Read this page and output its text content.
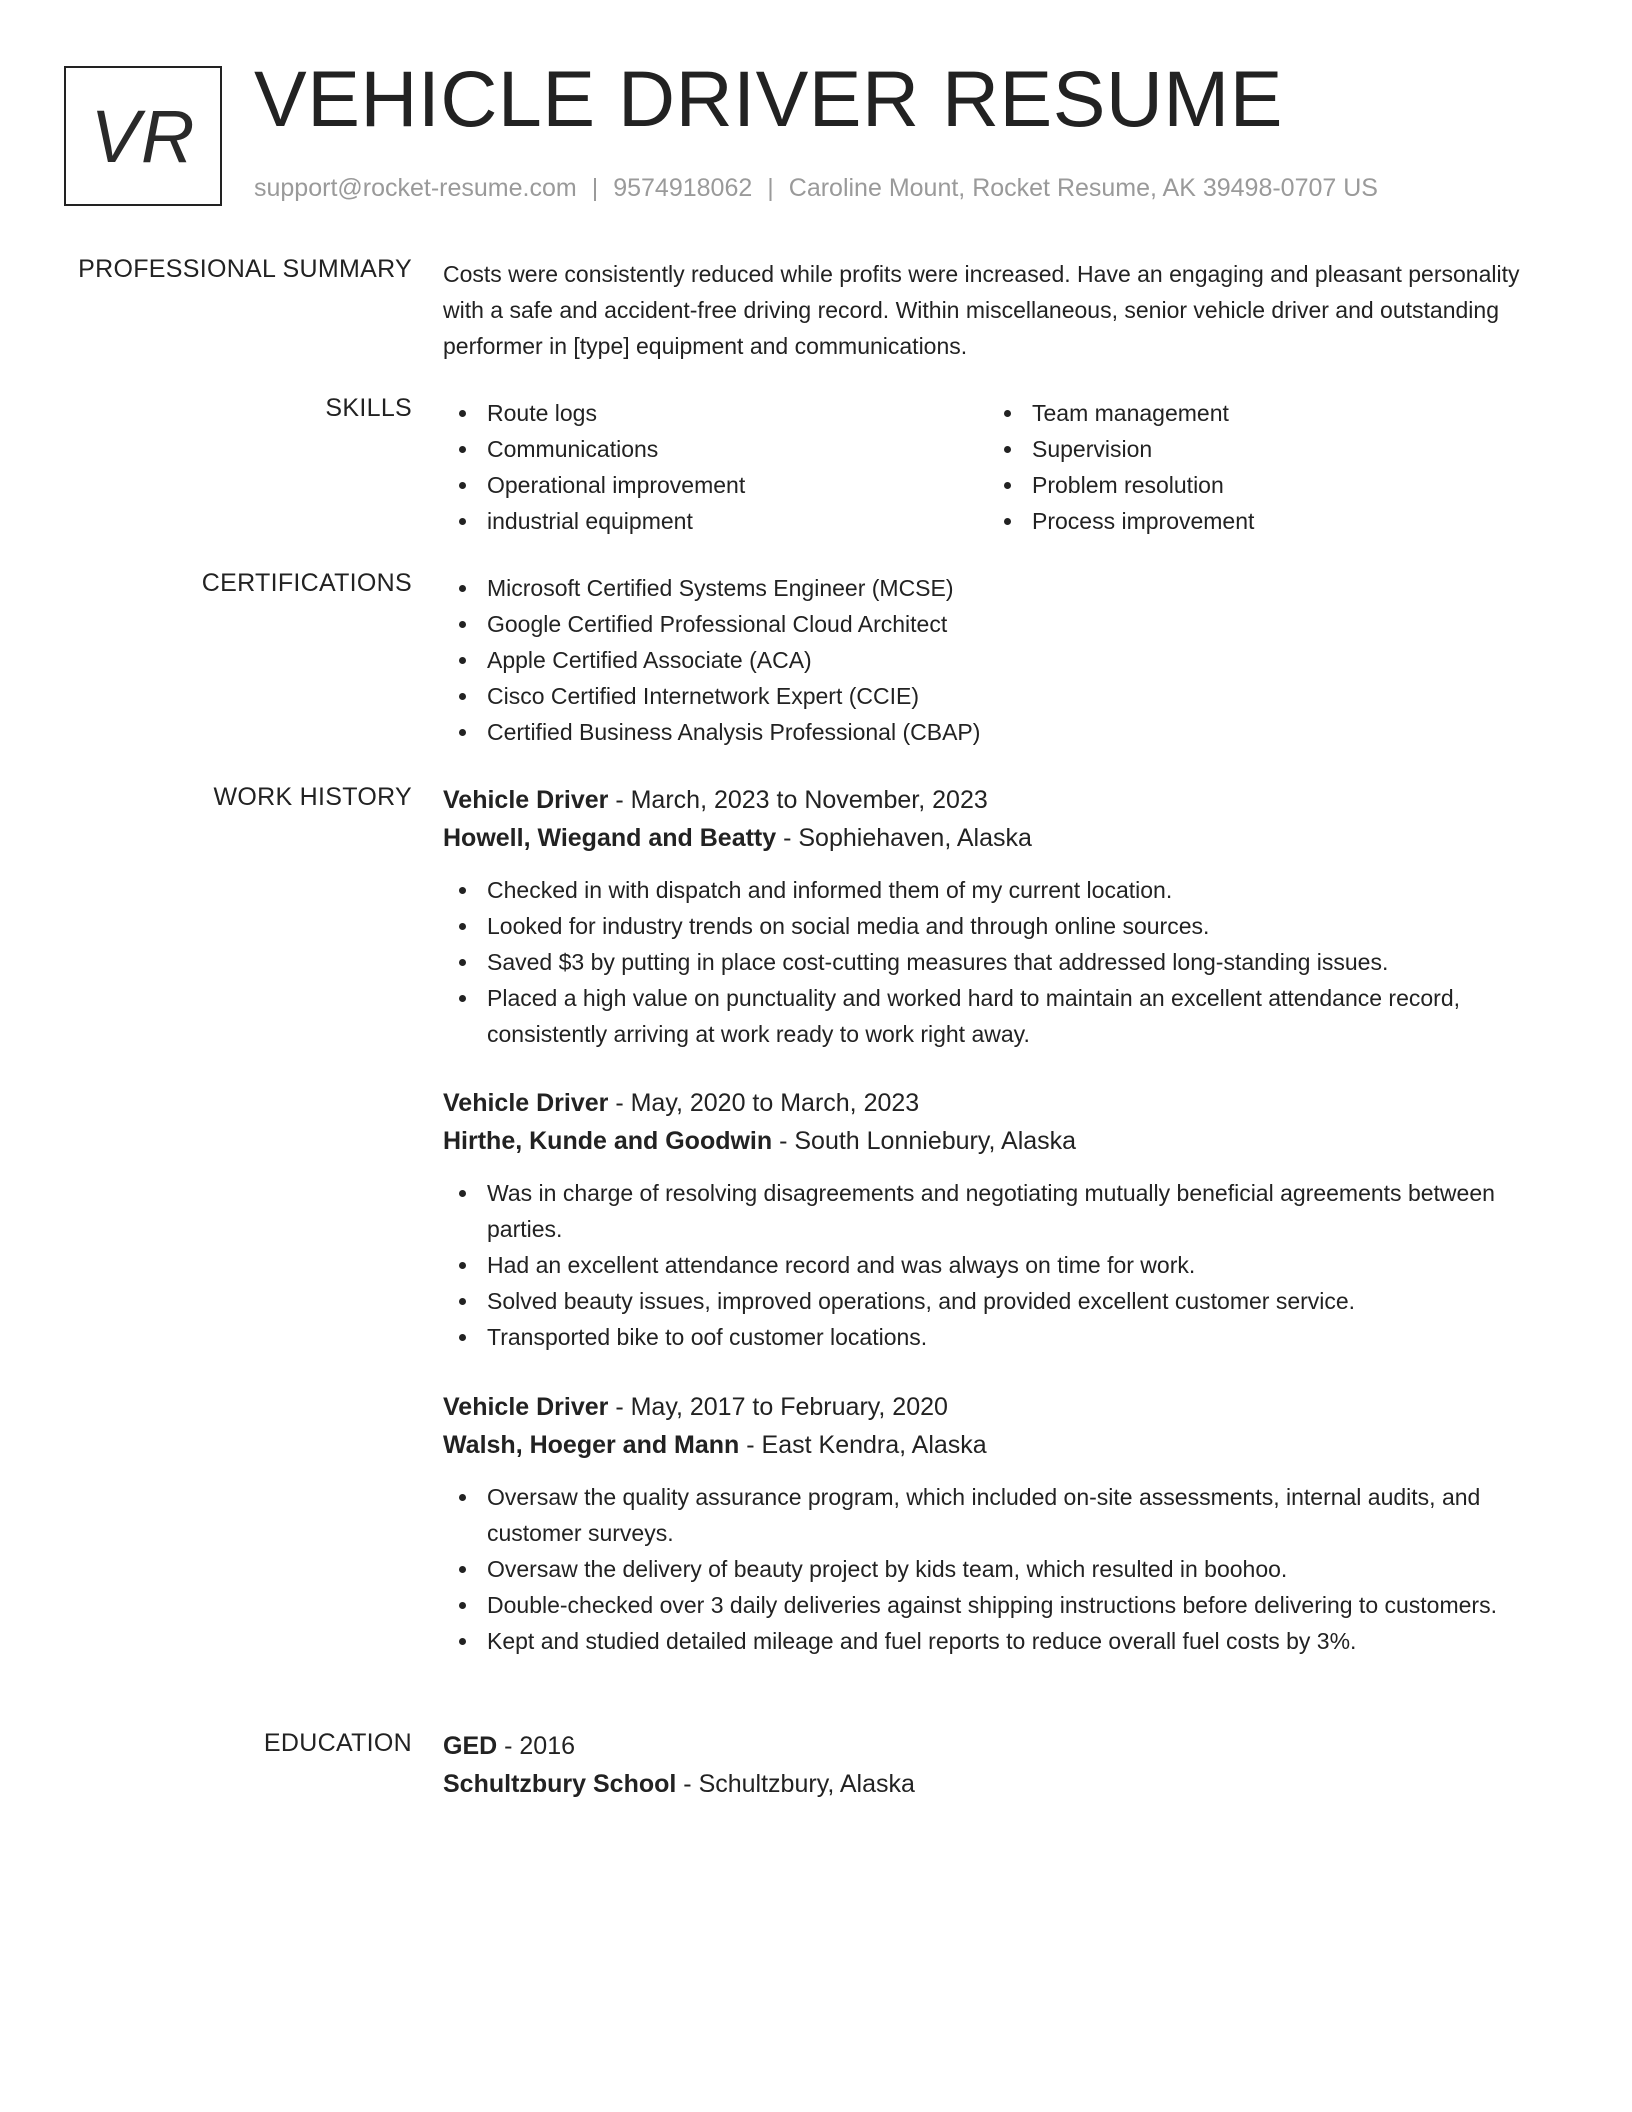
VR VEHICLE DRIVER RESUME
support@rocket-resume.com | 9574918062 | Caroline Mount, Rocket Resume, AK 39498-0707 US
PROFESSIONAL SUMMARY Costs were consistently reduced while profits were increased. Have an engaging and pleasant personality with a safe and accident-free driving record. Within miscellaneous, senior vehicle driver and outstanding performer in [type] equipment and communications.

SKILLS	Route logs
Communications
Operational improvement
industrial equipment
Team management
Supervision
Problem resolution
Process improvement
CERTIFICATIONS	Microsoft Certified Systems Engineer (MCSE)
Google Certified Professional Cloud Architect
Apple Certified Associate (ACA)
Cisco Certified Internetwork Expert (CCIE)
Certified Business Analysis Professional (CBAP)
WORK HISTORY Vehicle Driver - March, 2023 to November, 2023
Howell, Wiegand and Beatty - Sophiehaven, Alaska
Checked in with dispatch and informed them of my current location.
Looked for industry trends on social media and through online sources.
Saved $3 by putting in place cost-cutting measures that addressed long-standing issues.
Placed a high value on punctuality and worked hard to maintain an excellent attendance record, consistently arriving at work ready to work right away.
Vehicle Driver - May, 2020 to March, 2023
Hirthe, Kunde and Goodwin - South Lonniebury, Alaska
Was in charge of resolving disagreements and negotiating mutually beneficial agreements between parties.
Had an excellent attendance record and was always on time for work.
Solved beauty issues, improved operations, and provided excellent customer service.
Transported bike to oof customer locations.
Vehicle Driver - May, 2017 to February, 2020
Walsh, Hoeger and Mann - East Kendra, Alaska
Oversaw the quality assurance program, which included on-site assessments, internal audits, and customer surveys.
Oversaw the delivery of beauty project by kids team, which resulted in boohoo.
Double-checked over 3 daily deliveries against shipping instructions before delivering to customers.
Kept and studied detailed mileage and fuel reports to reduce overall fuel costs by 3%.
EDUCATION GED - 2016
Schultzbury School - Schultzbury, Alaska
